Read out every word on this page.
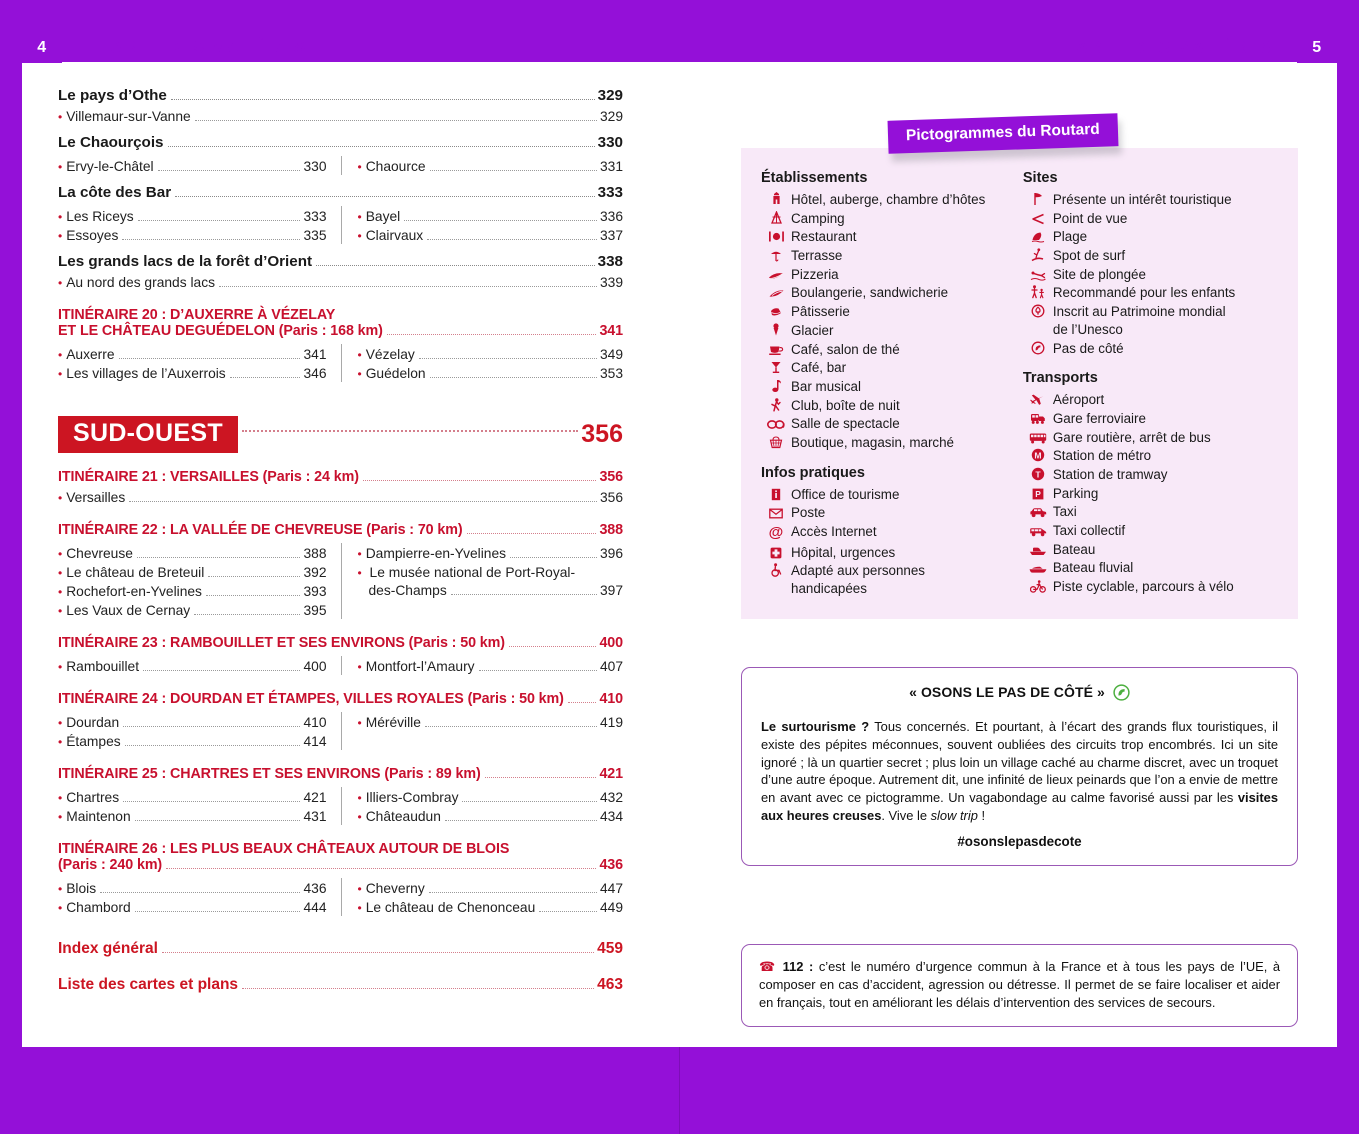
4	TABLE DES MATIÈRES	TABLE DES MATIÈRES	5
Le pays d’Othe	329
• Villemaur-sur-Vanne	329
Le Chaourçois	330
• Ervy-le-Châtel	330	• Chaource	331
La côte des Bar	333
• Les Riceys	333
• Essoyes	335
• Bayel	336
• Clairvaux	337
Les grands lacs de la forêt d’Orient	338
• Au nord des grands lacs	339
ITINÉRAIRE 20 : D’AUXERRE À VÉZELAY
ET LE CHÂTEAU DEGUÉDELON (Paris : 168 km)	341
• Auxerre	341
• Les villages de l’Auxerrois	346
• Vézelay	349
• Guédelon	353
SUD-OUEST	356
ITINÉRAIRE 21 : VERSAILLES (Paris : 24 km)	356
• Versailles	356
ITINÉRAIRE 22 : LA VALLÉE DE CHEVREUSE (Paris : 70 km)	388
• Chevreuse	388
• Le château de Breteuil	392
• Rochefort-en-Yvelines	393
• Les Vaux de Cernay	395
• Dampierre-en-Yvelines	396
• Le musée national de Port-Royal-
des-Champs	397
ITINÉRAIRE 23 : RAMBOUILLET ET SES ENVIRONS (Paris : 50 km)	400
• Rambouillet	400	• Montfort-l’Amaury	407
ITINÉRAIRE 24 : DOURDAN ET ÉTAMPES, VILLES ROYALES (Paris : 50 km) 410
• Dourdan	410
• Étampes	414
• Méréville	419
ITINÉRAIRE 25 : CHARTRES ET SES ENVIRONS (Paris : 89 km)	421
• Chartres	421
• Maintenon	431
• Illiers-Combray	432
• Châteaudun	434
ITINÉRAIRE 26 : LES PLUS BEAUX CHÂTEAUX AUTOUR DE BLOIS
(Paris : 240 km)	436
• Blois	436
• Chambord	444
• Cheverny	447
• Le château de Chenonceau	449
Index général	459
Liste des cartes et plans	463
Pictogrammes du Routard
Établissements
Hôtel, auberge, chambre d’hôtes
Camping
Restaurant
Terrasse
Pizzeria
Boulangerie, sandwicherie
Pâtisserie
Glacier
Café, salon de thé
Café, bar
Bar musical
Club, boîte de nuit
Salle de spectacle
Boutique, magasin, marché
Infos pratiques
Office de tourisme
Poste
@ Accès Internet
Hôpital, urgences
Adapté aux personnes
handicapées
Sites
Présente un intérêt touristique
Point de vue
Plage
Spot de surf
Site de plongée
Recommandé pour les enfants
Inscrit au Patrimoine mondial
de l’Unesco
Pas de côté
Transports
Aéroport
Gare ferroviaire
Gare routière, arrêt de bus
M Station de métro
T Station de tramway
P Parking
Taxi
Taxi collectif
Bateau
Bateau fluvial
Piste cyclable, parcours à vélo
« OSONS LE PAS DE CÔTÉ »
Le surtourisme ? Tous concernés. Et pourtant, à l’écart des grands flux touristiques, il existe des pépites méconnues, souvent oubliées des circuits trop encombrés. Ici un site ignoré ; là un quartier secret ; plus loin un village caché au charme discret, avec un troquet d’une autre époque. Autrement dit, une infinité de lieux peinards que l’on a envie de mettre en avant avec ce pictogramme. Un vagabondage au calme favorisé aussi par les visites aux heures creuses. Vive le slow trip !
#osonslepasdecote
☎ 112 : c’est le numéro d’urgence commun à la France et à tous les pays de l’UE, à composer en cas d’accident, agression ou détresse. Il permet de se faire localiser et aider en français, tout en améliorant les délais d’intervention des services de secours.
